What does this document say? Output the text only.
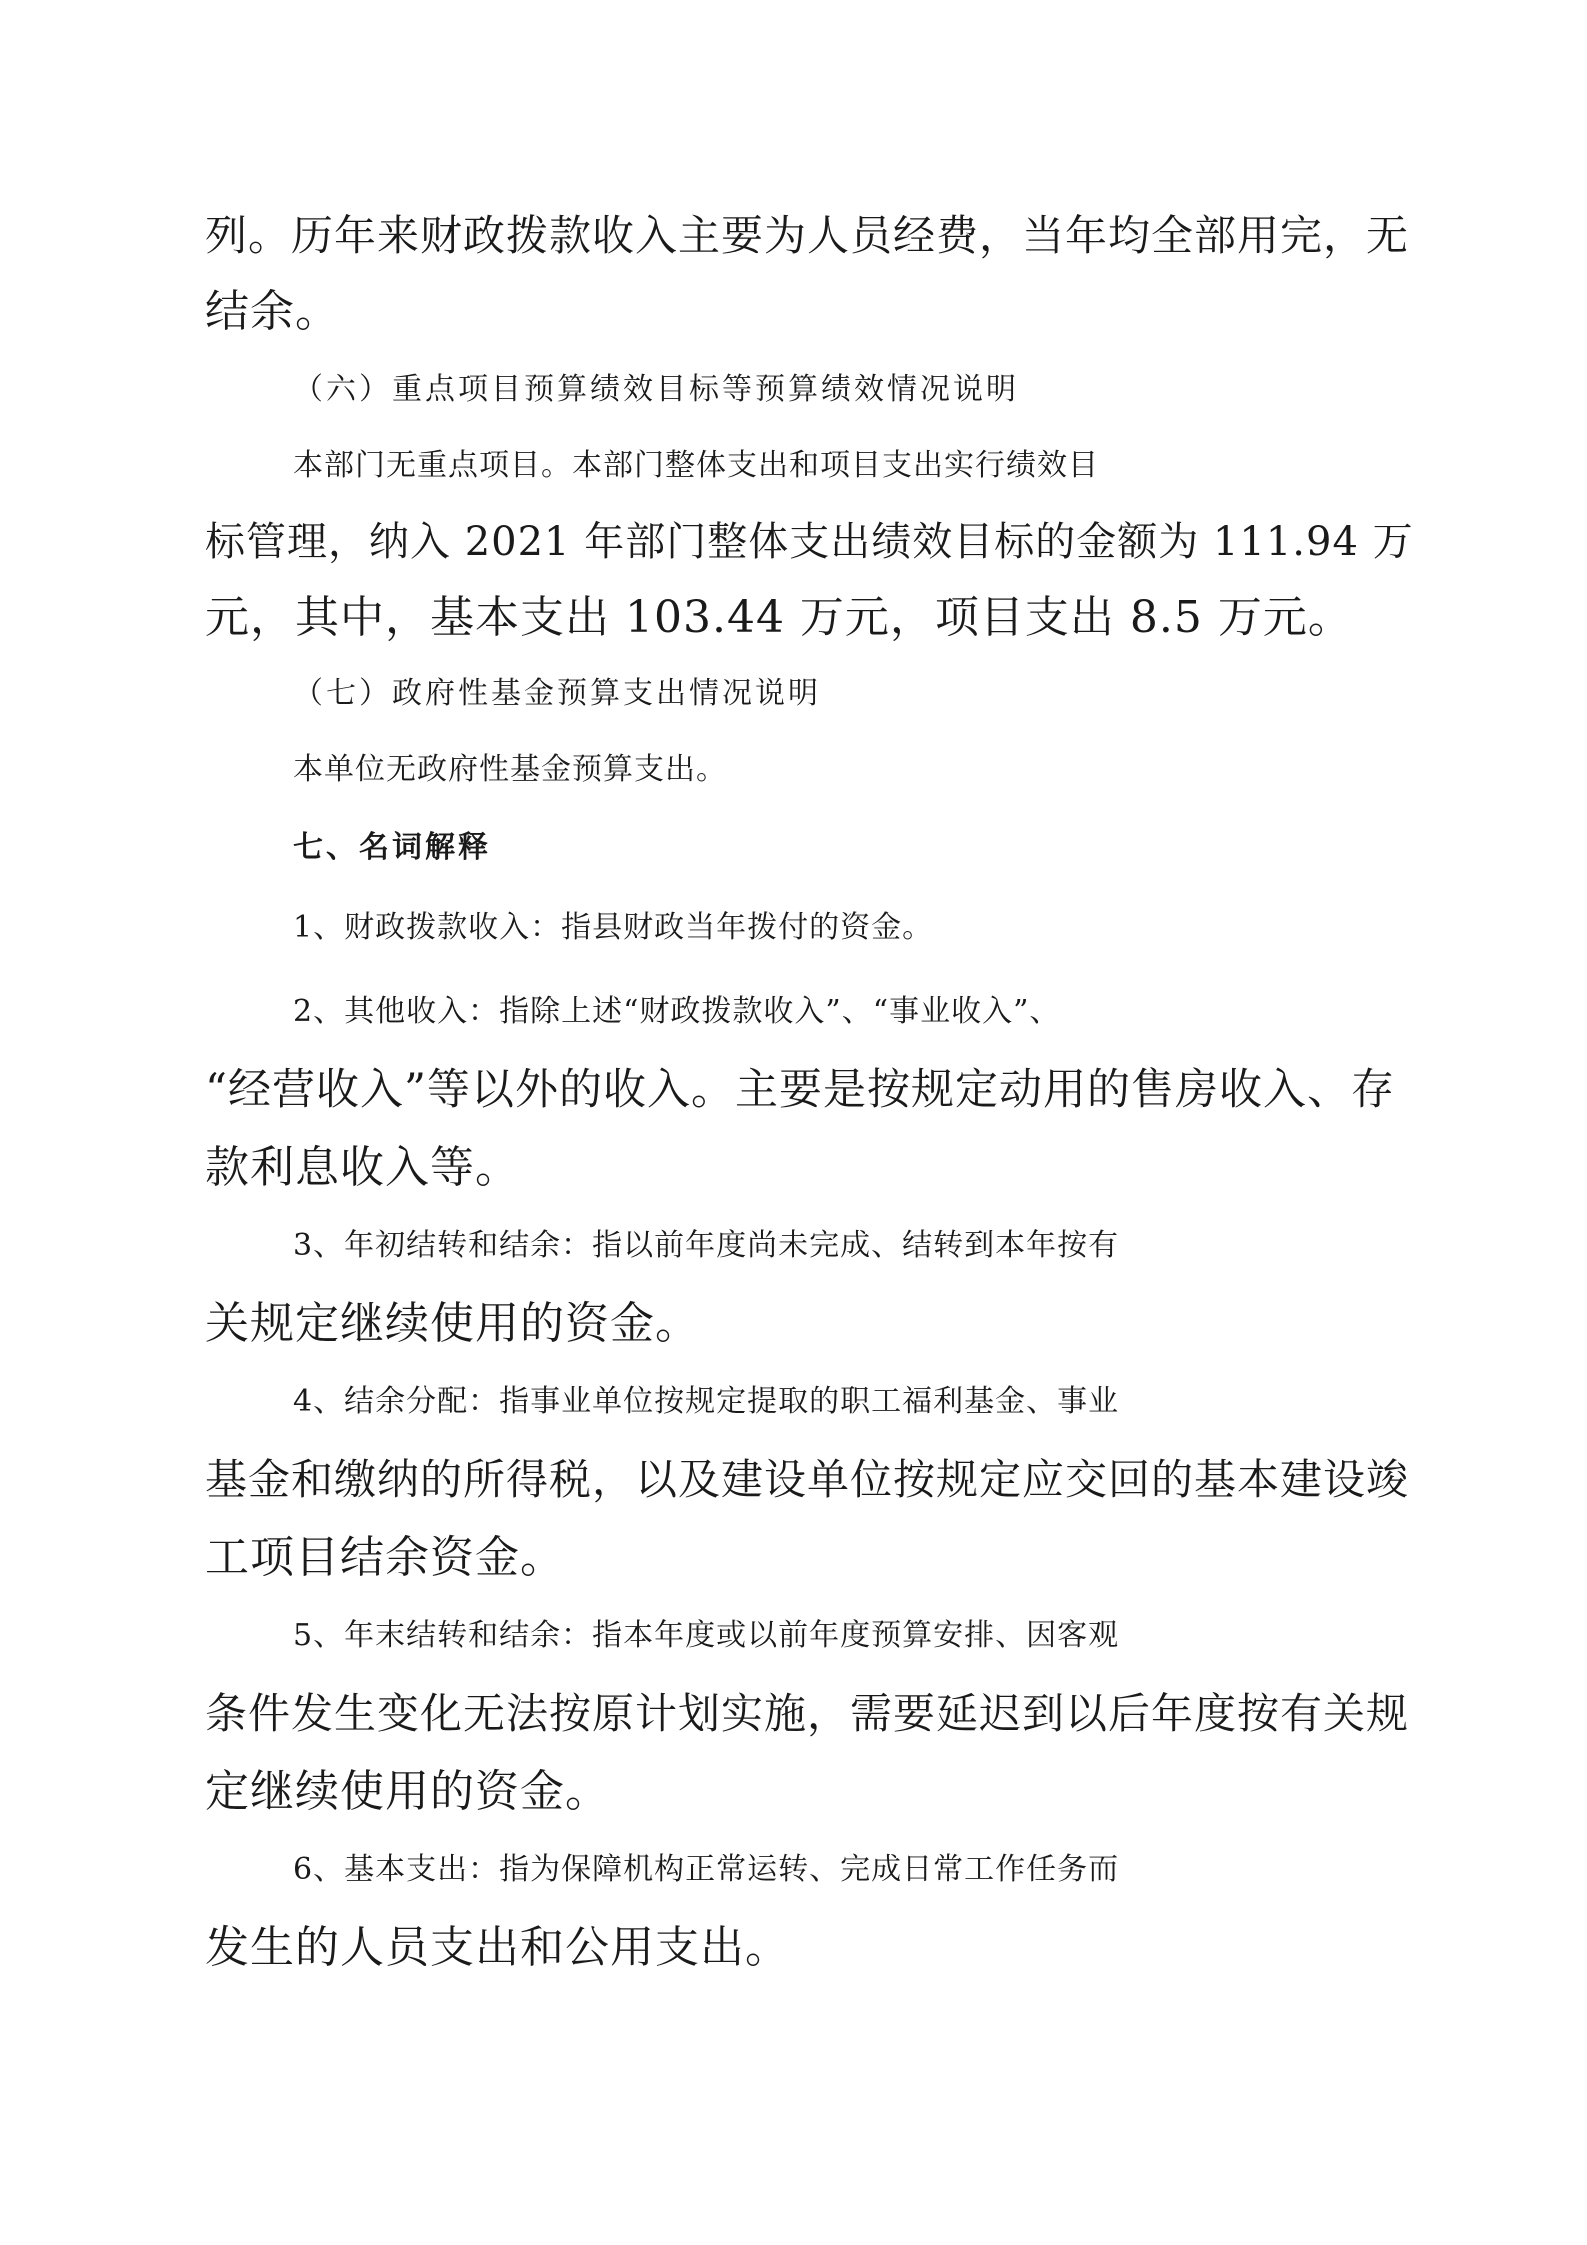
列。历年来财政拨款收入主要为人员经费，当年均全部用完，无
结余。
（六）重点项目预算绩效目标等预算绩效情况说明
本部门无重点项目。本部门整体支出和项目支出实行绩效目
标管理，纳入 2021 年部门整体支出绩效目标的金额为 111.94 万
元，其中，基本支出 103.44 万元，项目支出 8.5 万元。
（七）政府性基金预算支出情况说明
本单位无政府性基金预算支出。
七、名词解释
1、财政拨款收入：指县财政当年拨付的资金。
2、其他收入：指除上述“财政拨款收入”、“事业收入”、
“经营收入”等以外的收入。主要是按规定动用的售房收入、存
款利息收入等。
3、年初结转和结余：指以前年度尚未完成、结转到本年按有
关规定继续使用的资金。
4、结余分配：指事业单位按规定提取的职工福利基金、事业
基金和缴纳的所得税，以及建设单位按规定应交回的基本建设竣
工项目结余资金。
5、年末结转和结余：指本年度或以前年度预算安排、因客观
条件发生变化无法按原计划实施，需要延迟到以后年度按有关规
定继续使用的资金。
6、基本支出：指为保障机构正常运转、完成日常工作任务而
发生的人员支出和公用支出。
